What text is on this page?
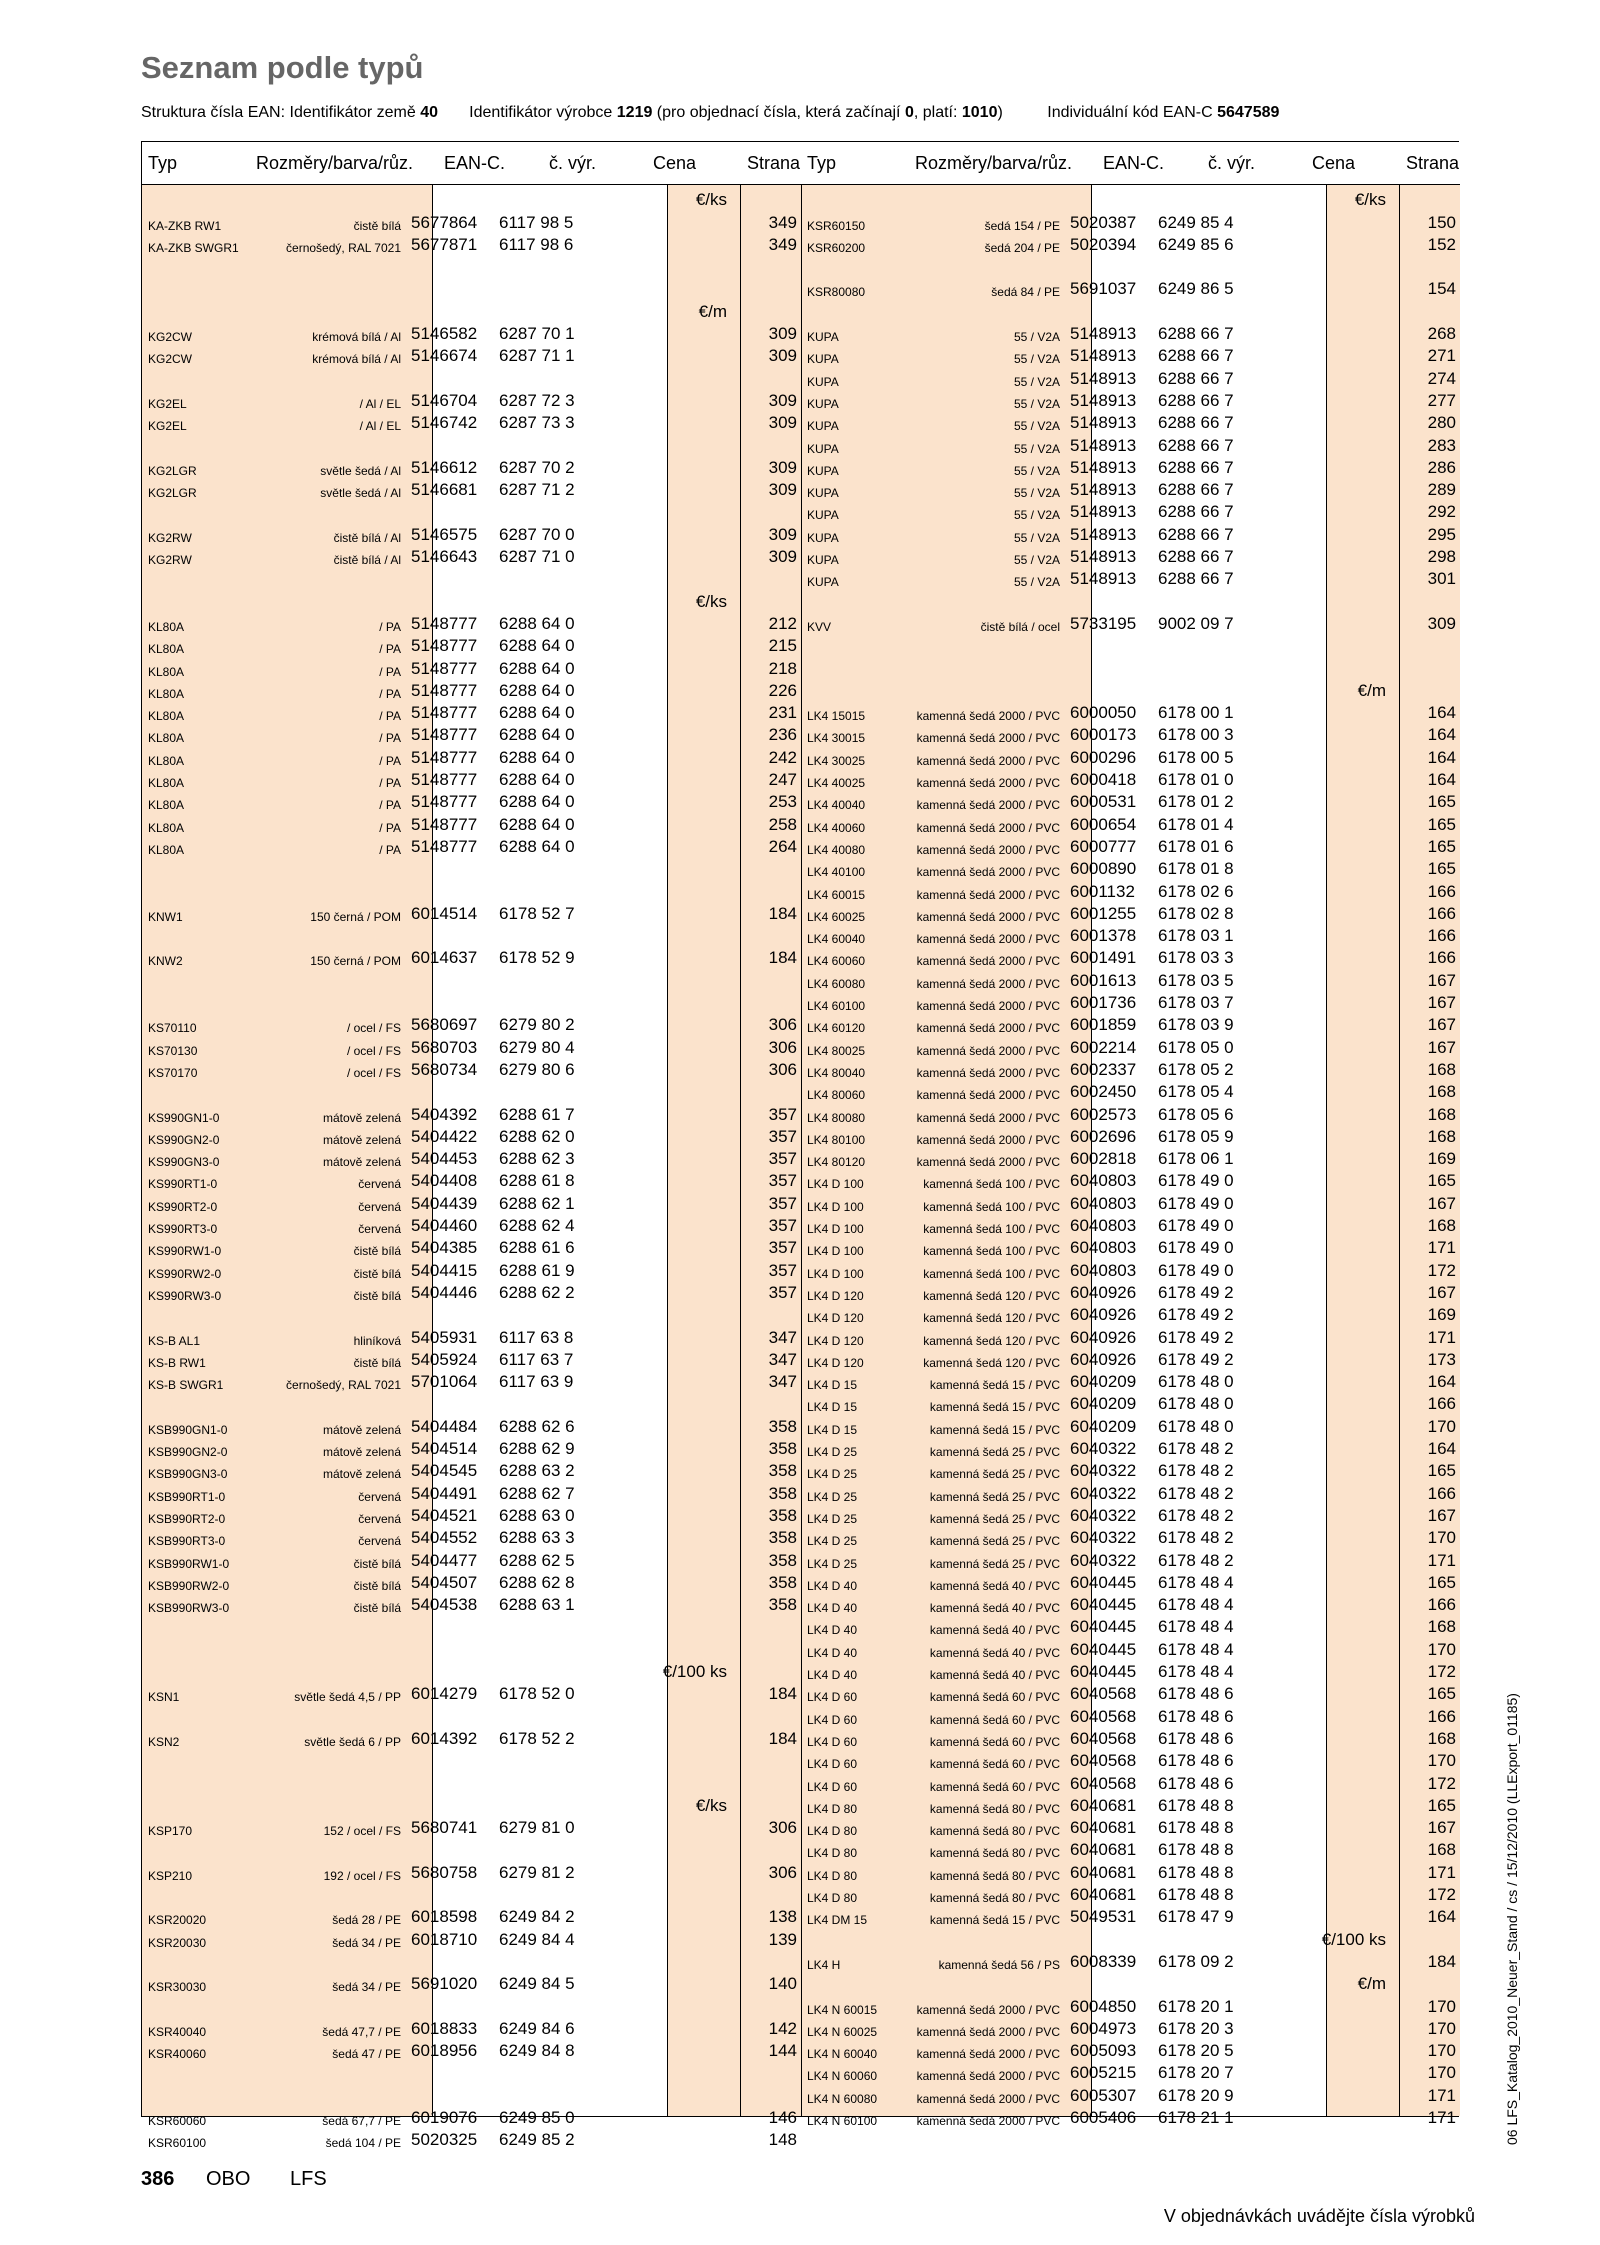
Seznam podle typů
Struktura čísla EAN: Identifikátor země 40 Identifikátor výrobce 1219 (pro objednací čísla, která začínají 0, platí: 1010)	Individuální kód EAN-C 5647589
Typ	Rozměry/barva/růz. EAN-C. č. výr.	Cena	Strana
€/ks
KA-ZKB RW1	čistě bílá 5677864 6117 98 5	349
KA-ZKB SWGR1	černošedý, RAL 7021 5677871 6117 98 6	349
€/m
KG2CW	krémová bílá / Al 5146582 6287 70 1	309
KG2CW	krémová bílá / Al 5146674 6287 71 1	309
KG2EL	/ Al / EL 5146704 6287 72 3	309
KG2EL	/ Al / EL 5146742 6287 73 3	309
KG2LGR	světle šedá / Al 5146612 6287 70 2	309
KG2LGR	světle šedá / Al 5146681 6287 71 2	309
KG2RW	čistě bílá / Al 5146575 6287 70 0	309
KG2RW	čistě bílá / Al 5146643 6287 71 0	309
€/ks
KL80A	/ PA 5148777 6288 64 0	212
KL80A	/ PA 5148777 6288 64 0	215
KL80A	/ PA 5148777 6288 64 0	218
KL80A	/ PA 5148777 6288 64 0	226
KL80A	/ PA 5148777 6288 64 0	231
KL80A	/ PA 5148777 6288 64 0	236
KL80A	/ PA 5148777 6288 64 0	242
KL80A	/ PA 5148777 6288 64 0	247
KL80A	/ PA 5148777 6288 64 0	253
KL80A	/ PA 5148777 6288 64 0	258
KL80A	/ PA 5148777 6288 64 0	264
KNW1	150 černá / POM 6014514 6178 52 7	184
KNW2	150 černá / POM 6014637 6178 52 9	184
KS70110	/ ocel / FS 5680697 6279 80 2	306
KS70130	/ ocel / FS 5680703 6279 80 4	306
KS70170	/ ocel / FS 5680734 6279 80 6	306
KS990GN1-0	mátově zelená 5404392 6288 61 7	357
KS990GN2-0	mátově zelená 5404422 6288 62 0	357
KS990GN3-0	mátově zelená 5404453 6288 62 3	357
KS990RT1-0	červená 5404408 6288 61 8	357
KS990RT2-0	červená 5404439 6288 62 1	357
KS990RT3-0	červená 5404460 6288 62 4	357
KS990RW1-0	čistě bílá 5404385 6288 61 6	357
KS990RW2-0	čistě bílá 5404415 6288 61 9	357
KS990RW3-0	čistě bílá 5404446 6288 62 2	357
KS-B AL1	hliníková 5405931 6117 63 8	347
KS-B RW1	čistě bílá 5405924 6117 63 7	347
KS-B SWGR1	černošedý, RAL 7021 5701064 6117 63 9	347
KSB990GN1-0	mátově zelená 5404484 6288 62 6	358
KSB990GN2-0	mátově zelená 5404514 6288 62 9	358
KSB990GN3-0	mátově zelená 5404545 6288 63 2	358
KSB990RT1-0	červená 5404491 6288 62 7	358
KSB990RT2-0	červená 5404521 6288 63 0	358
KSB990RT3-0	červená 5404552 6288 63 3	358
KSB990RW1-0	čistě bílá 5404477 6288 62 5	358
KSB990RW2-0	čistě bílá 5404507 6288 62 8	358
KSB990RW3-0	čistě bílá 5404538 6288 63 1	358
€/100 ks
KSN1	světle šedá 4,5 / PP 6014279 6178 52 0	184
KSN2	světle šedá 6 / PP 6014392 6178 52 2	184
€/ks
KSP170	152 / ocel / FS 5680741 6279 81 0	306
KSP210	192 / ocel / FS 5680758 6279 81 2	306
KSR20020	šedá 28 / PE 6018598 6249 84 2	138
KSR20030	šedá 34 / PE 6018710 6249 84 4	139
KSR30030	šedá 34 / PE 5691020 6249 84 5	140
KSR40040	šedá 47,7 / PE 6018833 6249 84 6	142
KSR40060	šedá 47 / PE 6018956 6249 84 8	144
KSR60060	šedá 67,7 / PE 6019076 6249 85 0	146
KSR60100	šedá 104 / PE 5020325 6249 85 2	148
Typ	Rozměry/barva/růz. EAN-C. č. výr.	Cena	Strana
€/ks
KSR60150	šedá 154 / PE 5020387 6249 85 4	150
KSR60200	šedá 204 / PE 5020394 6249 85 6	152
KSR80080	šedá 84 / PE 5691037 6249 86 5	154
KUPA	55 / V2A 5148913 6288 66 7	268
KUPA	55 / V2A 5148913 6288 66 7	271
KUPA	55 / V2A 5148913 6288 66 7	274
KUPA	55 / V2A 5148913 6288 66 7	277
KUPA	55 / V2A 5148913 6288 66 7	280
KUPA	55 / V2A 5148913 6288 66 7	283
KUPA	55 / V2A 5148913 6288 66 7	286
KUPA	55 / V2A 5148913 6288 66 7	289
KUPA	55 / V2A 5148913 6288 66 7	292
KUPA	55 / V2A 5148913 6288 66 7	295
KUPA	55 / V2A 5148913 6288 66 7	298
KUPA	55 / V2A 5148913 6288 66 7	301
KVV	čistě bílá / ocel 5733195 9002 09 7	309
€/m
LK4 15015	kamenná šedá 2000 / PVC 6000050 6178 00 1	164
LK4 30015	kamenná šedá 2000 / PVC 6000173 6178 00 3	164
LK4 30025	kamenná šedá 2000 / PVC 6000296 6178 00 5	164
LK4 40025	kamenná šedá 2000 / PVC 6000418 6178 01 0	164
LK4 40040	kamenná šedá 2000 / PVC 6000531 6178 01 2	165
LK4 40060	kamenná šedá 2000 / PVC 6000654 6178 01 4	165
LK4 40080	kamenná šedá 2000 / PVC 6000777 6178 01 6	165
LK4 40100	kamenná šedá 2000 / PVC 6000890 6178 01 8	165
LK4 60015	kamenná šedá 2000 / PVC 6001132 6178 02 6	166
LK4 60025	kamenná šedá 2000 / PVC 6001255 6178 02 8	166
LK4 60040	kamenná šedá 2000 / PVC 6001378 6178 03 1	166
LK4 60060	kamenná šedá 2000 / PVC 6001491 6178 03 3	166
LK4 60080	kamenná šedá 2000 / PVC 6001613 6178 03 5	167
LK4 60100	kamenná šedá 2000 / PVC 6001736 6178 03 7	167
LK4 60120	kamenná šedá 2000 / PVC 6001859 6178 03 9	167
LK4 80025	kamenná šedá 2000 / PVC 6002214 6178 05 0	167
LK4 80040	kamenná šedá 2000 / PVC 6002337 6178 05 2	168
LK4 80060	kamenná šedá 2000 / PVC 6002450 6178 05 4	168
LK4 80080	kamenná šedá 2000 / PVC 6002573 6178 05 6	168
LK4 80100	kamenná šedá 2000 / PVC 6002696 6178 05 9	168
LK4 80120	kamenná šedá 2000 / PVC 6002818 6178 06 1	169
LK4 D 100	kamenná šedá 100 / PVC 6040803 6178 49 0	165
LK4 D 100	kamenná šedá 100 / PVC 6040803 6178 49 0	167
LK4 D 100	kamenná šedá 100 / PVC 6040803 6178 49 0	168
LK4 D 100	kamenná šedá 100 / PVC 6040803 6178 49 0	171
LK4 D 100	kamenná šedá 100 / PVC 6040803 6178 49 0	172
LK4 D 120	kamenná šedá 120 / PVC 6040926 6178 49 2	167
LK4 D 120	kamenná šedá 120 / PVC 6040926 6178 49 2	169
LK4 D 120	kamenná šedá 120 / PVC 6040926 6178 49 2	171
LK4 D 120	kamenná šedá 120 / PVC 6040926 6178 49 2	173
LK4 D 15	kamenná šedá 15 / PVC 6040209 6178 48 0	164
LK4 D 15	kamenná šedá 15 / PVC 6040209 6178 48 0	166
LK4 D 15	kamenná šedá 15 / PVC 6040209 6178 48 0	170
LK4 D 25	kamenná šedá 25 / PVC 6040322 6178 48 2	164
LK4 D 25	kamenná šedá 25 / PVC 6040322 6178 48 2	165
LK4 D 25	kamenná šedá 25 / PVC 6040322 6178 48 2	166
LK4 D 25	kamenná šedá 25 / PVC 6040322 6178 48 2	167
LK4 D 25	kamenná šedá 25 / PVC 6040322 6178 48 2	170
LK4 D 25	kamenná šedá 25 / PVC 6040322 6178 48 2	171
LK4 D 40	kamenná šedá 40 / PVC 6040445 6178 48 4	165
LK4 D 40	kamenná šedá 40 / PVC 6040445 6178 48 4	166
LK4 D 40	kamenná šedá 40 / PVC 6040445 6178 48 4	168
LK4 D 40	kamenná šedá 40 / PVC 6040445 6178 48 4	170
LK4 D 40	kamenná šedá 40 / PVC 6040445 6178 48 4	172
LK4 D 60	kamenná šedá 60 / PVC 6040568 6178 48 6	165
LK4 D 60	kamenná šedá 60 / PVC 6040568 6178 48 6	166
LK4 D 60	kamenná šedá 60 / PVC 6040568 6178 48 6	168
LK4 D 60	kamenná šedá 60 / PVC 6040568 6178 48 6	170
LK4 D 60	kamenná šedá 60 / PVC 6040568 6178 48 6	172
LK4 D 80	kamenná šedá 80 / PVC 6040681 6178 48 8	165
LK4 D 80	kamenná šedá 80 / PVC 6040681 6178 48 8	167
LK4 D 80	kamenná šedá 80 / PVC 6040681 6178 48 8	168
LK4 D 80	kamenná šedá 80 / PVC 6040681 6178 48 8	171
LK4 D 80	kamenná šedá 80 / PVC 6040681 6178 48 8	172
LK4 DM 15	kamenná šedá 15 / PVC 5049531 6178 47 9	164
€/100 ks
LK4 H	kamenná šedá 56 / PS 6008339 6178 09 2	184
€/m
LK4 N 60015	kamenná šedá 2000 / PVC 6004850 6178 20 1	170
LK4 N 60025	kamenná šedá 2000 / PVC 6004973 6178 20 3	170
LK4 N 60040	kamenná šedá 2000 / PVC 6005093 6178 20 5	170
LK4 N 60060	kamenná šedá 2000 / PVC 6005215 6178 20 7	170
LK4 N 60080	kamenná šedá 2000 / PVC 6005307 6178 20 9	171
LK4 N 60100	kamenná šedá 2000 / PVC 6005406 6178 21 1	171
386 OBO LFS
V objednávkách uvádějte čísla výrobků
06 LFS_Katalog_2010_Neuer_Stand / cs / 15/12/2010 (LLExport_01185)
